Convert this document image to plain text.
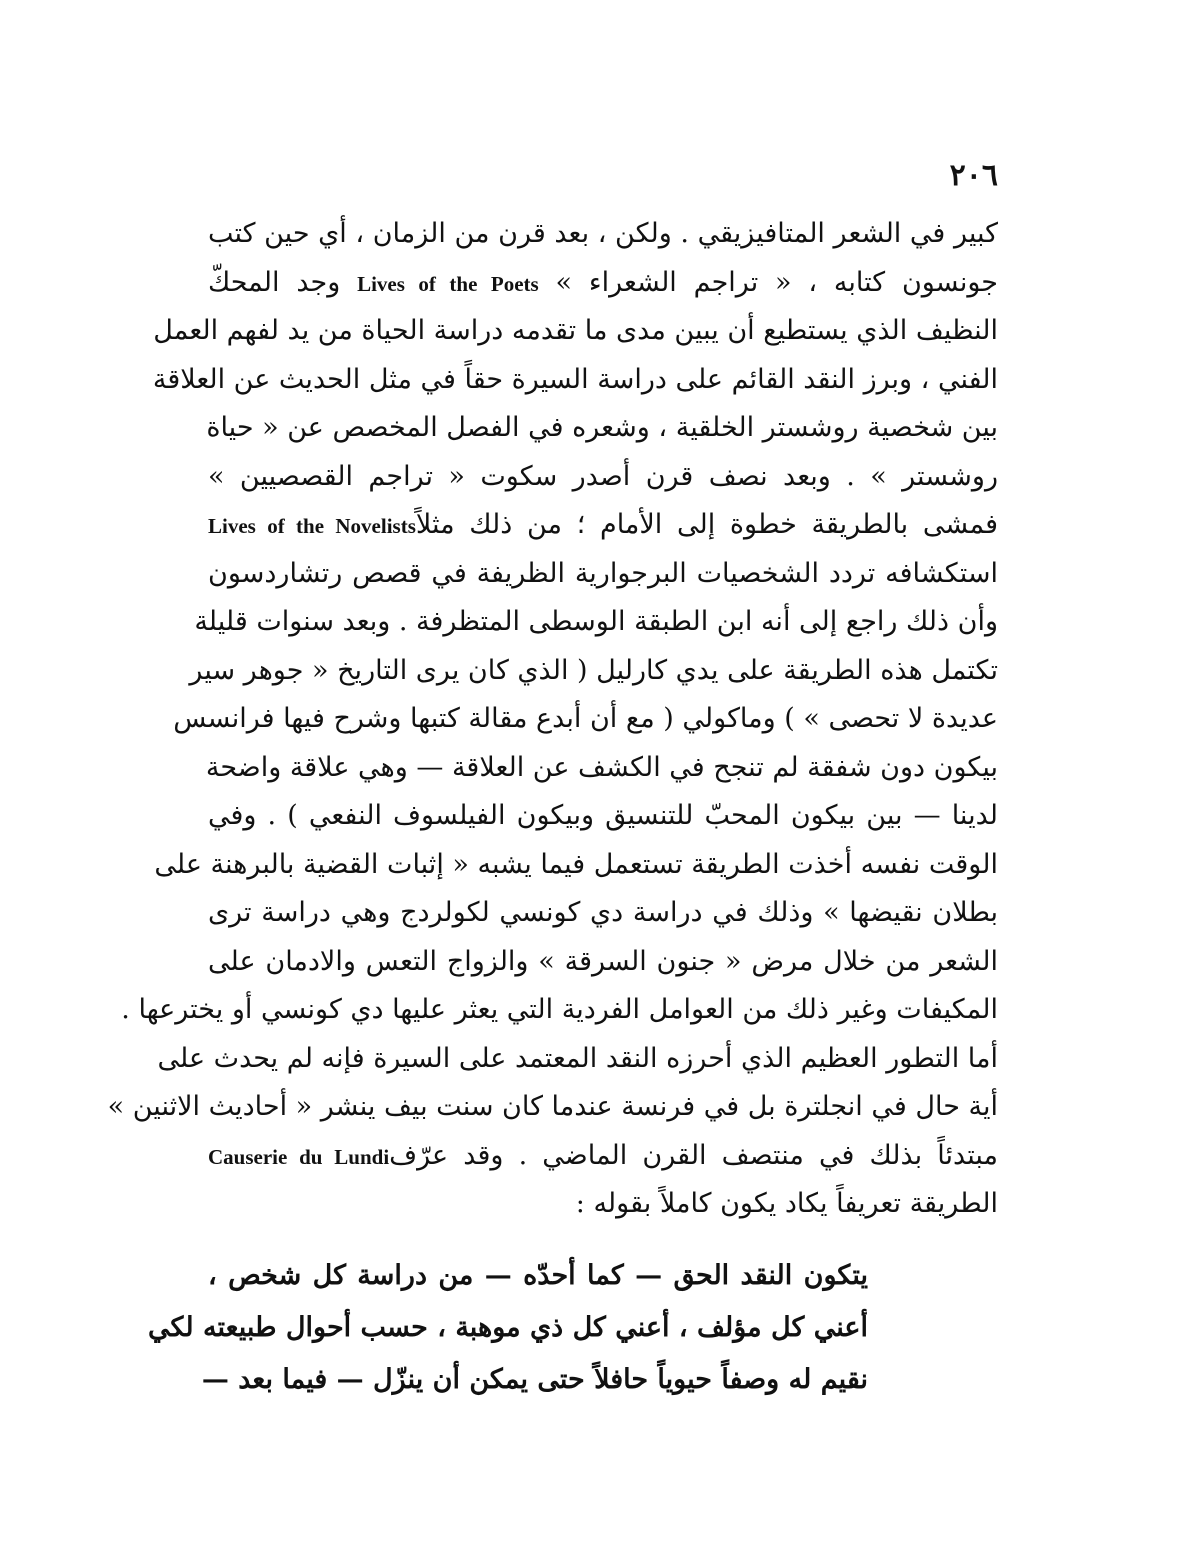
٢٠٦
كبير في الشعر المتافيزيقي . ولكن ، بعد قرن من الزمان ، أي حين كتب
جونسون كتابه ، « تراجم الشعراء » Lives of the Poets وجد المحكّ
النظيف الذي يستطيع أن يبين مدى ما تقدمه دراسة الحياة من يد لفهم العمل
الفني ، وبرز النقد القائم على دراسة السيرة حقاً في مثل الحديث عن العلاقة
بين شخصية روشستر الخلقية ، وشعره في الفصل المخصص عن « حياة
روشستر » . وبعد نصف قرن أصدر سكوت « تراجم القصصيين »
فمشى بالطريقة خطوة إلى الأمام ؛ من ذلك مثلاًLives of the Novelists
استكشافه تردد الشخصيات البرجوارية الظريفة في قصص رتشاردسون
وأن ذلك راجع إلى أنه ابن الطبقة الوسطى المتظرفة . وبعد سنوات قليلة
تكتمل هذه الطريقة على يدي كارليل ( الذي كان يرى التاريخ « جوهر سير
عديدة لا تحصى » ) وماكولي ( مع أن أبدع مقالة كتبها وشرح فيها فرانسس
بيكون دون شفقة لم تنجح في الكشف عن العلاقة — وهي علاقة واضحة
لدينا — بين بيكون المحبّ للتنسيق وبيكون الفيلسوف النفعي ) . وفي
الوقت نفسه أخذت الطريقة تستعمل فيما يشبه « إثبات القضية بالبرهنة على
بطلان نقيضها » وذلك في دراسة دي كونسي لكولردج وهي دراسة ترى
الشعر من خلال مرض « جنون السرقة » والزواج التعس والادمان على
المكيفات وغير ذلك من العوامل الفردية التي يعثر عليها دي كونسي أو يخترعها .
أما التطور العظيم الذي أحرزه النقد المعتمد على السيرة فإنه لم يحدث على
أية حال في انجلترة بل في فرنسة عندما كان سنت بيف ينشر « أحاديث الاثنين »
مبتدئاً بذلك في منتصف القرن الماضي . وقد عرّفCauserie du Lundi
الطريقة تعريفاً يكاد يكون كاملاً بقوله :
يتكون النقد الحق — كما أحدّه — من دراسة كل شخص ،
أعني كل مؤلف ، أعني كل ذي موهبة ، حسب أحوال طبيعته لكي
نقيم له وصفاً حيوياً حافلاً حتى يمكن أن ينزّل — فيما بعد —
